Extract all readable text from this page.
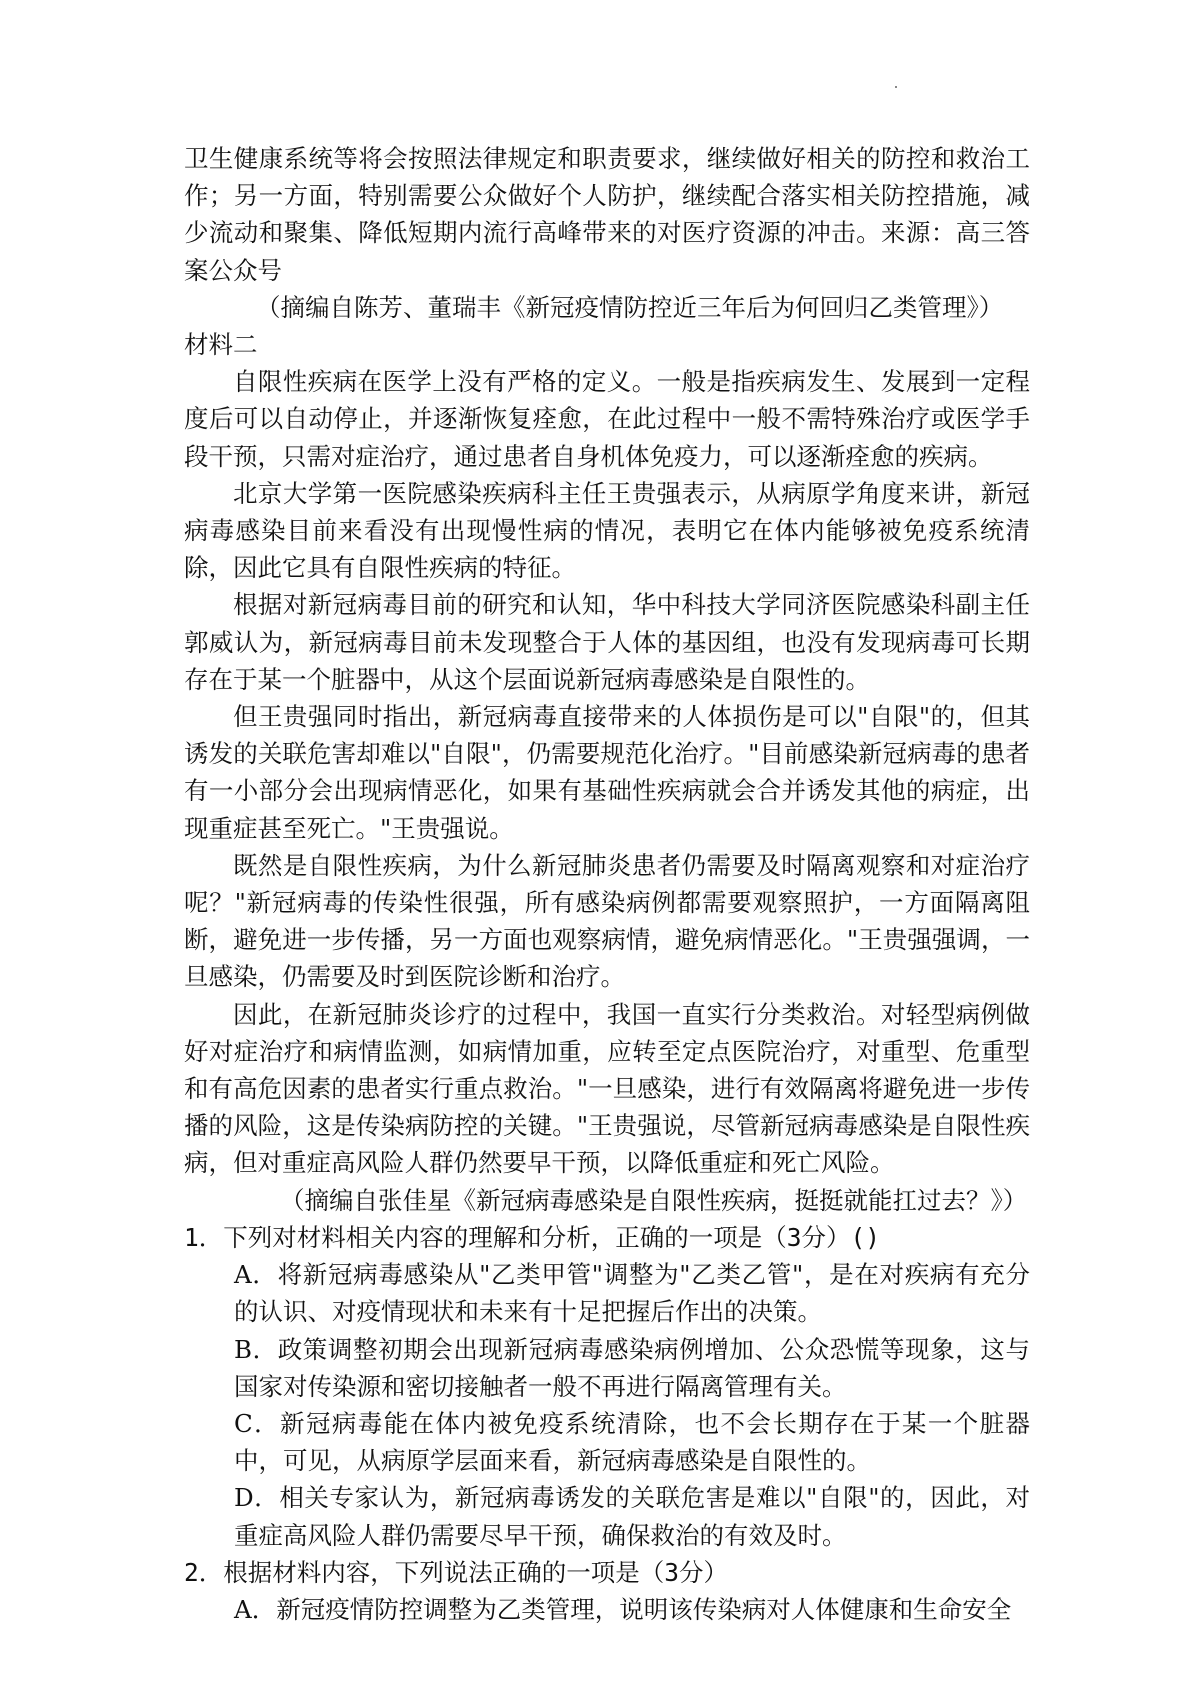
卫生健康系统等将会按照法律规定和职责要求，继续做好相关的防控和救治工作；另一方面，特别需要公众做好个人防护，继续配合落实相关防控措施，减少流动和聚集、降低短期内流行高峰带来的对医疗资源的冲击。来源：高三答案公众号

（摘编自陈芳、董瑞丰《新冠疫情防控近三年后为何回归乙类管理》）

材料二

自限性疾病在医学上没有严格的定义。一般是指疾病发生、发展到一定程度后可以自动停止，并逐渐恢复痊愈，在此过程中一般不需特殊治疗或医学手段干预，只需对症治疗，通过患者自身机体免疫力，可以逐渐痊愈的疾病。

北京大学第一医院感染疾病科主任王贵强表示，从病原学角度来讲，新冠病毒感染目前来看没有出现慢性病的情况，表明它在体内能够被免疫系统清除，因此它具有自限性疾病的特征。

根据对新冠病毒目前的研究和认知，华中科技大学同济医院感染科副主任郭威认为，新冠病毒目前未发现整合于人体的基因组，也没有发现病毒可长期存在于某一个脏器中，从这个层面说新冠病毒感染是自限性的。

但王贵强同时指出，新冠病毒直接带来的人体损伤是可以"自限"的，但其诱发的关联危害却难以"自限"，仍需要规范化治疗。"目前感染新冠病毒的患者有一小部分会出现病情恶化，如果有基础性疾病就会合并诱发其他的病症，出现重症甚至死亡。"王贵强说。

既然是自限性疾病，为什么新冠肺炎患者仍需要及时隔离观察和对症治疗呢？"新冠病毒的传染性很强，所有感染病例都需要观察照护，一方面隔离阻断，避免进一步传播，另一方面也观察病情，避免病情恶化。"王贵强强调，一旦感染，仍需要及时到医院诊断和治疗。

因此，在新冠肺炎诊疗的过程中，我国一直实行分类救治。对轻型病例做好对症治疗和病情监测，如病情加重，应转至定点医院治疗，对重型、危重型和有高危因素的患者实行重点救治。"一旦感染，进行有效隔离将避免进一步传播的风险，这是传染病防控的关键。"王贵强说，尽管新冠病毒感染是自限性疾病，但对重症高风险人群仍然要早干预，以降低重症和死亡风险。

（摘编自张佳星《新冠病毒感染是自限性疾病，挺挺就能扛过去？》）

1．下列对材料相关内容的理解和分析，正确的一项是（3分）()

A．将新冠病毒感染从"乙类甲管"调整为"乙类乙管"，是在对疾病有充分的认识、对疫情现状和未来有十足把握后作出的决策。

B．政策调整初期会出现新冠病毒感染病例增加、公众恐慌等现象，这与国家对传染源和密切接触者一般不再进行隔离管理有关。

C．新冠病毒能在体内被免疫系统清除，也不会长期存在于某一个脏器中，可见，从病原学层面来看，新冠病毒感染是自限性的。

D．相关专家认为，新冠病毒诱发的关联危害是难以"自限"的，因此，对重症高风险人群仍需要尽早干预，确保救治的有效及时。

2．根据材料内容，下列说法正确的一项是（3分）

A．新冠疫情防控调整为乙类管理，说明该传染病对人体健康和生命安全
